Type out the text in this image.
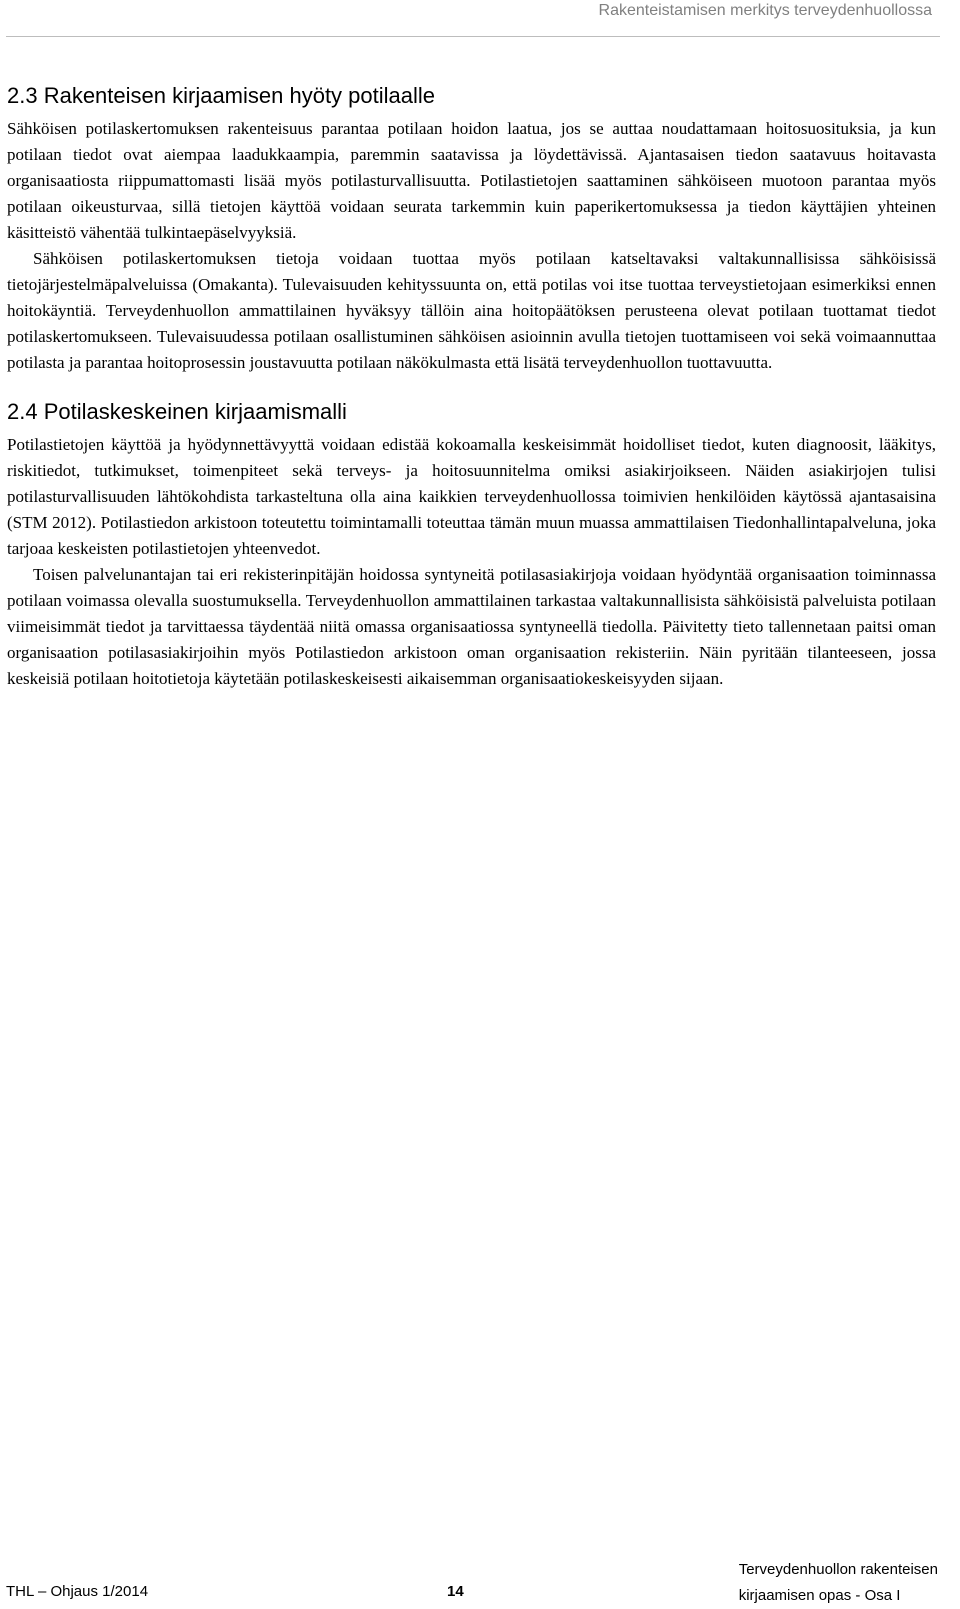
Rakenteistamisen merkitys terveydenhuollossa
2.3 Rakenteisen kirjaamisen hyöty potilaalle

Sähköisen potilaskertomuksen rakenteisuus parantaa potilaan hoidon laatua, jos se auttaa noudattamaan hoitosuosituksia, ja kun potilaan tiedot ovat aiempaa laadukkaampia, paremmin saatavissa ja löydettävissä. Ajantasaisen tiedon saatavuus hoitavasta organisaatiosta riippumattomasti lisää myös potilasturvallisuutta. Potilastietojen saattaminen sähköiseen muotoon parantaa myös potilaan oikeusturvaa, sillä tietojen käyttöä voidaan seurata tarkemmin kuin paperikertomuksessa ja tiedon käyttäjien yhteinen käsitteistö vähentää tulkintaepäselvyyksiä.

Sähköisen potilaskertomuksen tietoja voidaan tuottaa myös potilaan katseltavaksi valtakunnallisissa sähköisissä tietojärjestelmäpalveluissa (Omakanta). Tulevaisuuden kehityssuunta on, että potilas voi itse tuottaa terveystietojaan esimerkiksi ennen hoitokäyntiä. Terveydenhuollon ammattilainen hyväksyy tällöin aina hoitopäätöksen perusteena olevat potilaan tuottamat tiedot potilaskertomukseen. Tulevaisuudessa potilaan osallistuminen sähköisen asioinnin avulla tietojen tuottamiseen voi sekä voimaannuttaa potilasta ja parantaa hoitoprosessin joustavuutta potilaan näkökulmasta että lisätä terveydenhuollon tuottavuutta.

2.4 Potilaskeskeinen kirjaamismalli

Potilastietojen käyttöä ja hyödynnettävyyttä voidaan edistää kokoamalla keskeisimmät hoidolliset tiedot, kuten diagnoosit, lääkitys, riskitiedot, tutkimukset, toimenpiteet sekä terveys- ja hoitosuunnitelma omiksi asiakirjoikseen. Näiden asiakirjojen tulisi potilasturvallisuuden lähtökohdista tarkasteltuna olla aina kaikkien terveydenhuollossa toimivien henkilöiden käytössä ajantasaisina (STM 2012). Potilastiedon arkistoon toteutettu toimintamalli toteuttaa tämän muun muassa ammattilaisen Tiedonhallintapalveluna, joka tarjoaa keskeisten potilastietojen yhteenvedot.

Toisen palvelunantajan tai eri rekisterinpitäjän hoidossa syntyneitä potilasasiakirjoja voidaan hyödyntää organisaation toiminnassa potilaan voimassa olevalla suostumuksella. Terveydenhuollon ammattilainen tarkastaa valtakunnallisista sähköisistä palveluista potilaan viimeisimmät tiedot ja tarvittaessa täydentää niitä omassa organisaatiossa syntyneellä tiedolla. Päivitetty tieto tallennetaan paitsi oman organisaation potilasasiakirjoihin myös Potilastiedon arkistoon oman organisaation rekisteriin. Näin pyritään tilanteeseen, jossa keskeisiä potilaan hoitotietoja käytetään potilaskeskeisesti aikaisemman organisaatiokeskeisyyden sijaan.

THL – Ohjaus 1/2014	14
Terveydenhuollon rakenteisen
kirjaamisen opas - Osa I
